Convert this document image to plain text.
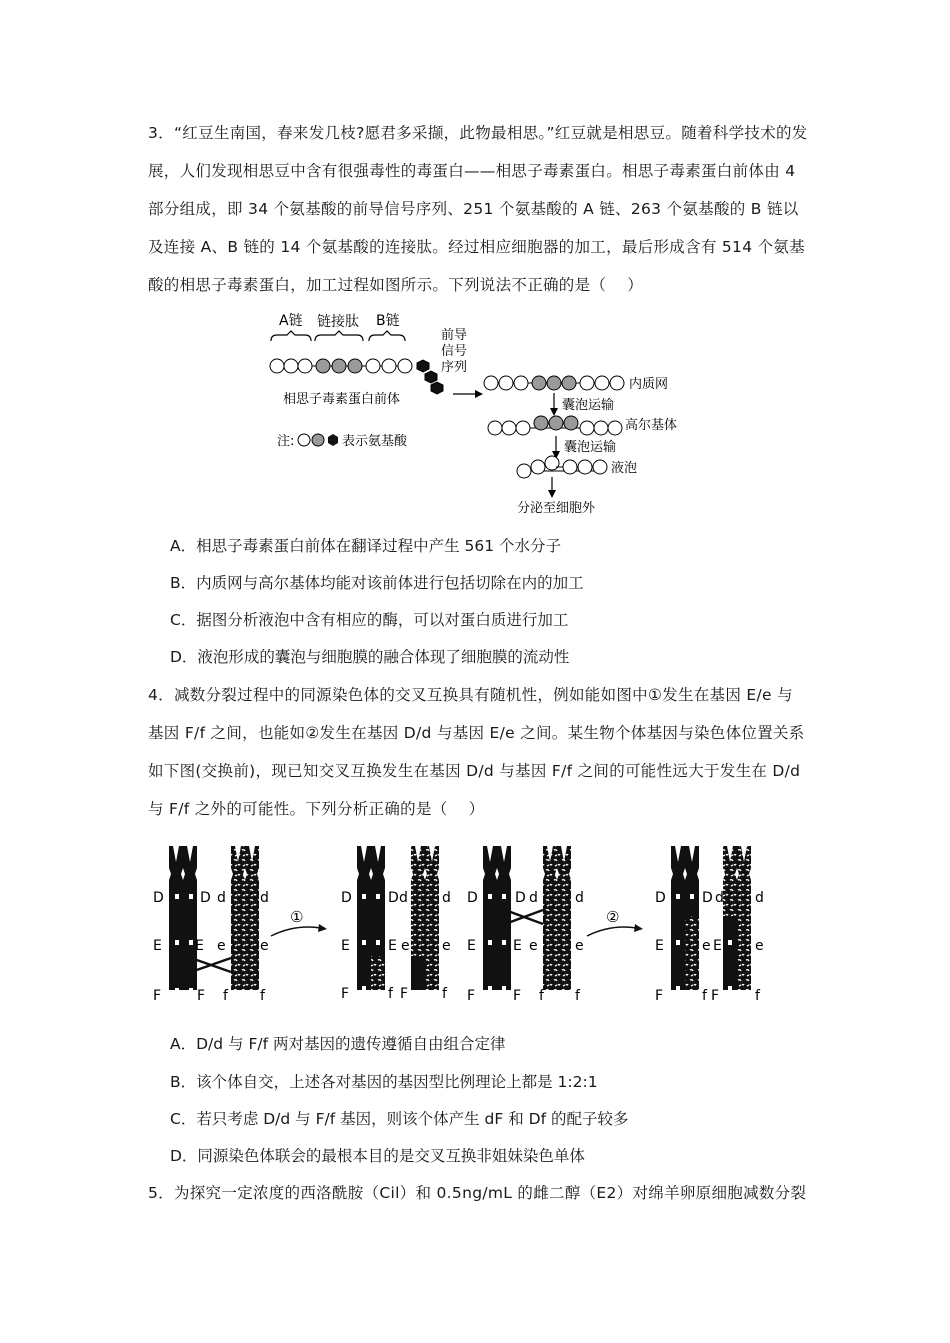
3．“红豆生南国，春来发几枝?愿君多采撷，此物最相思。”红豆就是相思豆。随着科学技术的发展，人们发现相思豆中含有很强毒性的毒蛋白——相思子毒素蛋白。相思子毒素蛋白前体由 4 部分组成，即 34 个氨基酸的前导信号序列、251 个氨基酸的 A 链、263 个氨基酸的 B 链以及连接 A、B 链的 14 个氨基酸的连接肽。经过相应细胞器的加工，最后形成含有 514 个氨基酸的相思子毒素蛋白，加工过程如图所示。下列说法不正确的是（　 ）

A链 链接肽 B链
前导
信号
序列
相思子毒素蛋白前体
注:	表示氨基酸
内质网
囊泡运输
高尔基体
囊泡运输
液泡
分泌至细胞外
A．相思子毒素蛋白前体在翻译过程中产生 561 个水分子
B．内质网与高尔基体均能对该前体进行包括切除在内的加工
C．据图分析液泡中含有相应的酶，可以对蛋白质进行加工
D．液泡形成的囊泡与细胞膜的融合体现了细胞膜的流动性

4．减数分裂过程中的同源染色体的交叉互换具有随机性，例如能如图中①发生在基因 E/e 与基因 F/f 之间，也能如②发生在基因 D/d 与基因 E/e 之间。某生物个体基因与染色体位置关系如下图(交换前)，现已知交叉互换发生在基因 D/d 与基因 F/f 之间的可能性远大于发生在 D/d 与 F/f 之外的可能性。下列分析正确的是（　 ）

D	D d d
E E e e
F	F f f
①
D	D d d
E	E e e
F	f F f
D	D d	d
E	E e	e
F	F f f
②
D	D d d
E	e E e
F	f F	f
A．D/d 与 F/f 两对基因的遗传遵循自由组合定律
B．该个体自交，上述各对基因的基因型比例理论上都是 1:2:1
C．若只考虑 D/d 与 F/f 基因，则该个体产生 dF 和 Df 的配子较多
D．同源染色体联会的最根本目的是交叉互换非姐妹染色单体

5．为探究一定浓度的西洛酰胺（Cil）和 0.5ng/mL 的雌二醇（E2）对绵羊卵原细胞减数分裂
